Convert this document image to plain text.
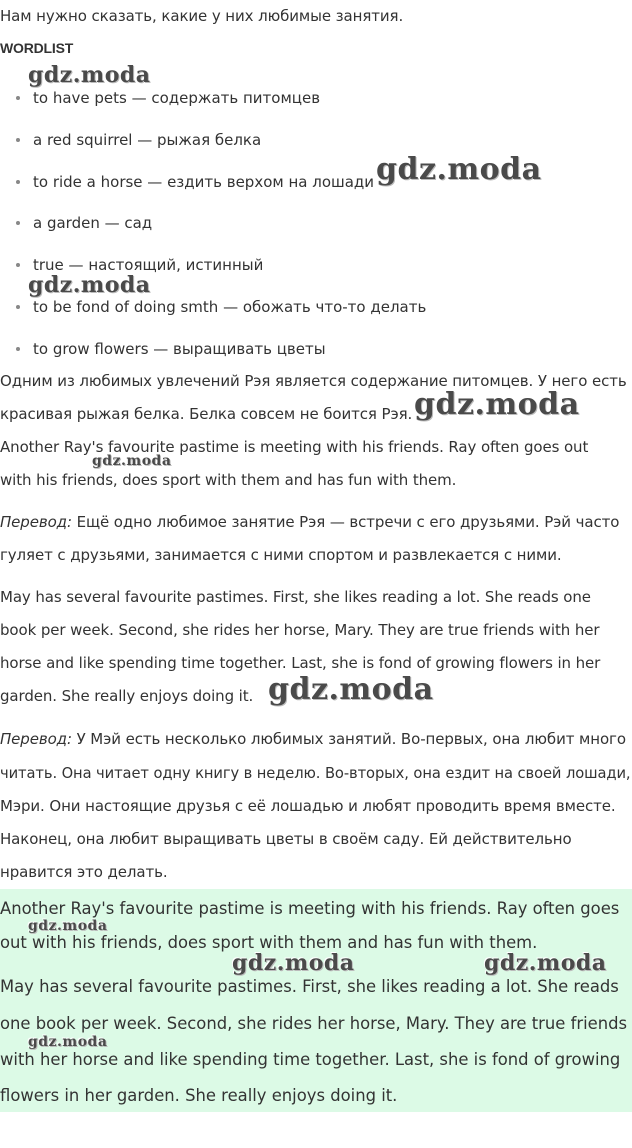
Нам нужно сказать, какие у них любимые занятия.
WORDLIST
to have pets — содержать питомцев
a red squirrel — рыжая белка
to ride a horse — ездить верхом на лошади
a garden — сад
true — настоящий, истинный
to be fond of doing smth — обожать что-то делать
to grow flowers — выращивать цветы
Одним из любимых увлечений Рэя является содержание питомцев. У него есть
красивая рыжая белка. Белка совсем не боится Рэя.
Another Ray's favourite pastime is meeting with his friends. Ray often goes out
with his friends, does sport with them and has fun with them.
Перевод: Ещё одно любимое занятие Рэя — встречи с его друзьями. Рэй часто
гуляет с друзьями, занимается с ними спортом и развлекается с ними.
May has several favourite pastimes. First, she likes reading a lot. She reads one
book per week. Second, she rides her horse, Mary. They are true friends with her
horse and like spending time together. Last, she is fond of growing flowers in her
garden. She really enjoys doing it.
Перевод: У Мэй есть несколько любимых занятий. Во-первых, она любит много
читать. Она читает одну книгу в неделю. Во-вторых, она ездит на своей лошади,
Мэри. Они настоящие друзья с её лошадью и любят проводить время вместе.
Наконец, она любит выращивать цветы в своём саду. Ей действительно
нравится это делать.
Another Ray's favourite pastime is meeting with his friends. Ray often goes
out with his friends, does sport with them and has fun with them.
May has several favourite pastimes. First, she likes reading a lot. She reads
one book per week. Second, she rides her horse, Mary. They are true friends
with her horse and like spending time together. Last, she is fond of growing
flowers in her garden. She really enjoys doing it.
gdz.moda
gdz.moda
gdz.moda
gdz.moda
gdz.moda
gdz.moda
gdz.moda
gdz.moda	gdz.moda
gdz.moda
